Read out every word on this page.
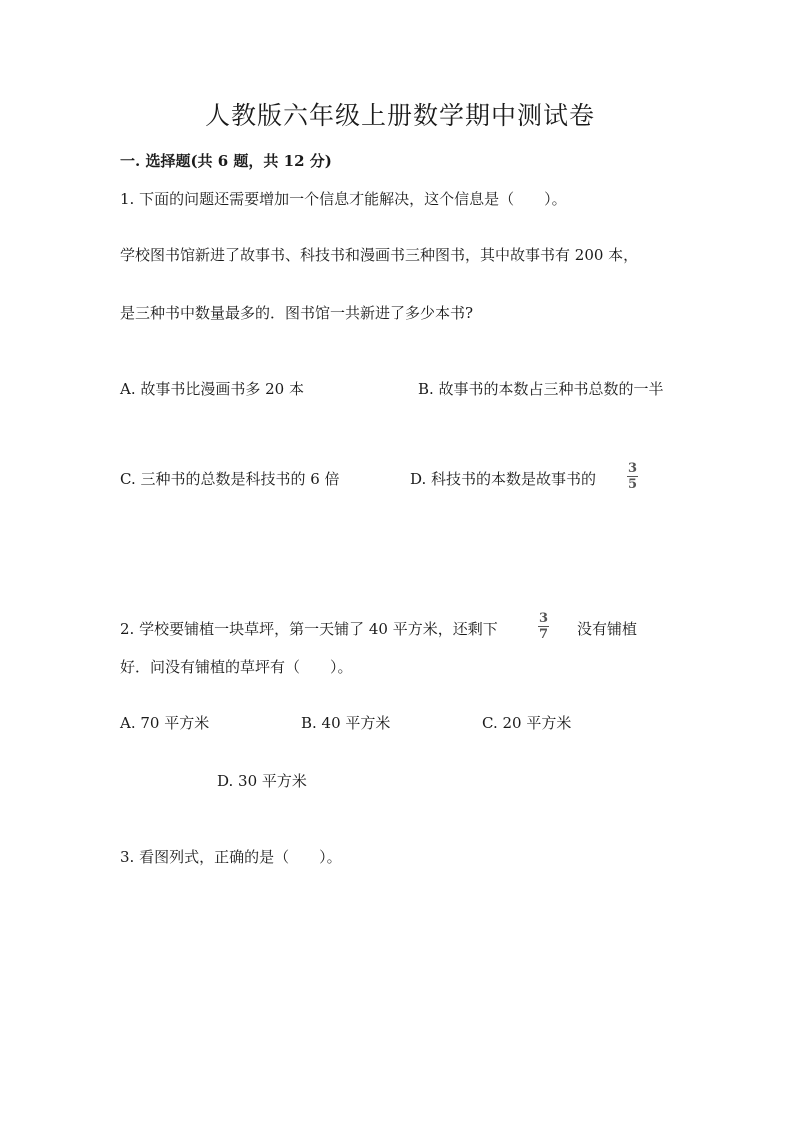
人教版六年级上册数学期中测试卷
一. 选择题(共 6 题，共 12 分)
1. 下面的问题还需要增加一个信息才能解决，这个信息是（　　）。
学校图书馆新进了故事书、科技书和漫画书三种图书，其中故事书有 200 本，
是三种书中数量最多的．图书馆一共新进了多少本书?
A. 故事书比漫画书多 20 本	B. 故事书的本数占三种书总数的一半
C. 三种书的总数是科技书的 6 倍	D. 科技书的本数是故事书的
3
5
2. 学校要铺植一块草坪，第一天铺了 40 平方米，还剩下
3
7 没有铺植
好．问没有铺植的草坪有（　　）。
A. 70 平方米	B. 40 平方米	C. 20 平方米
D. 30 平方米
3. 看图列式，正确的是（　　）。
